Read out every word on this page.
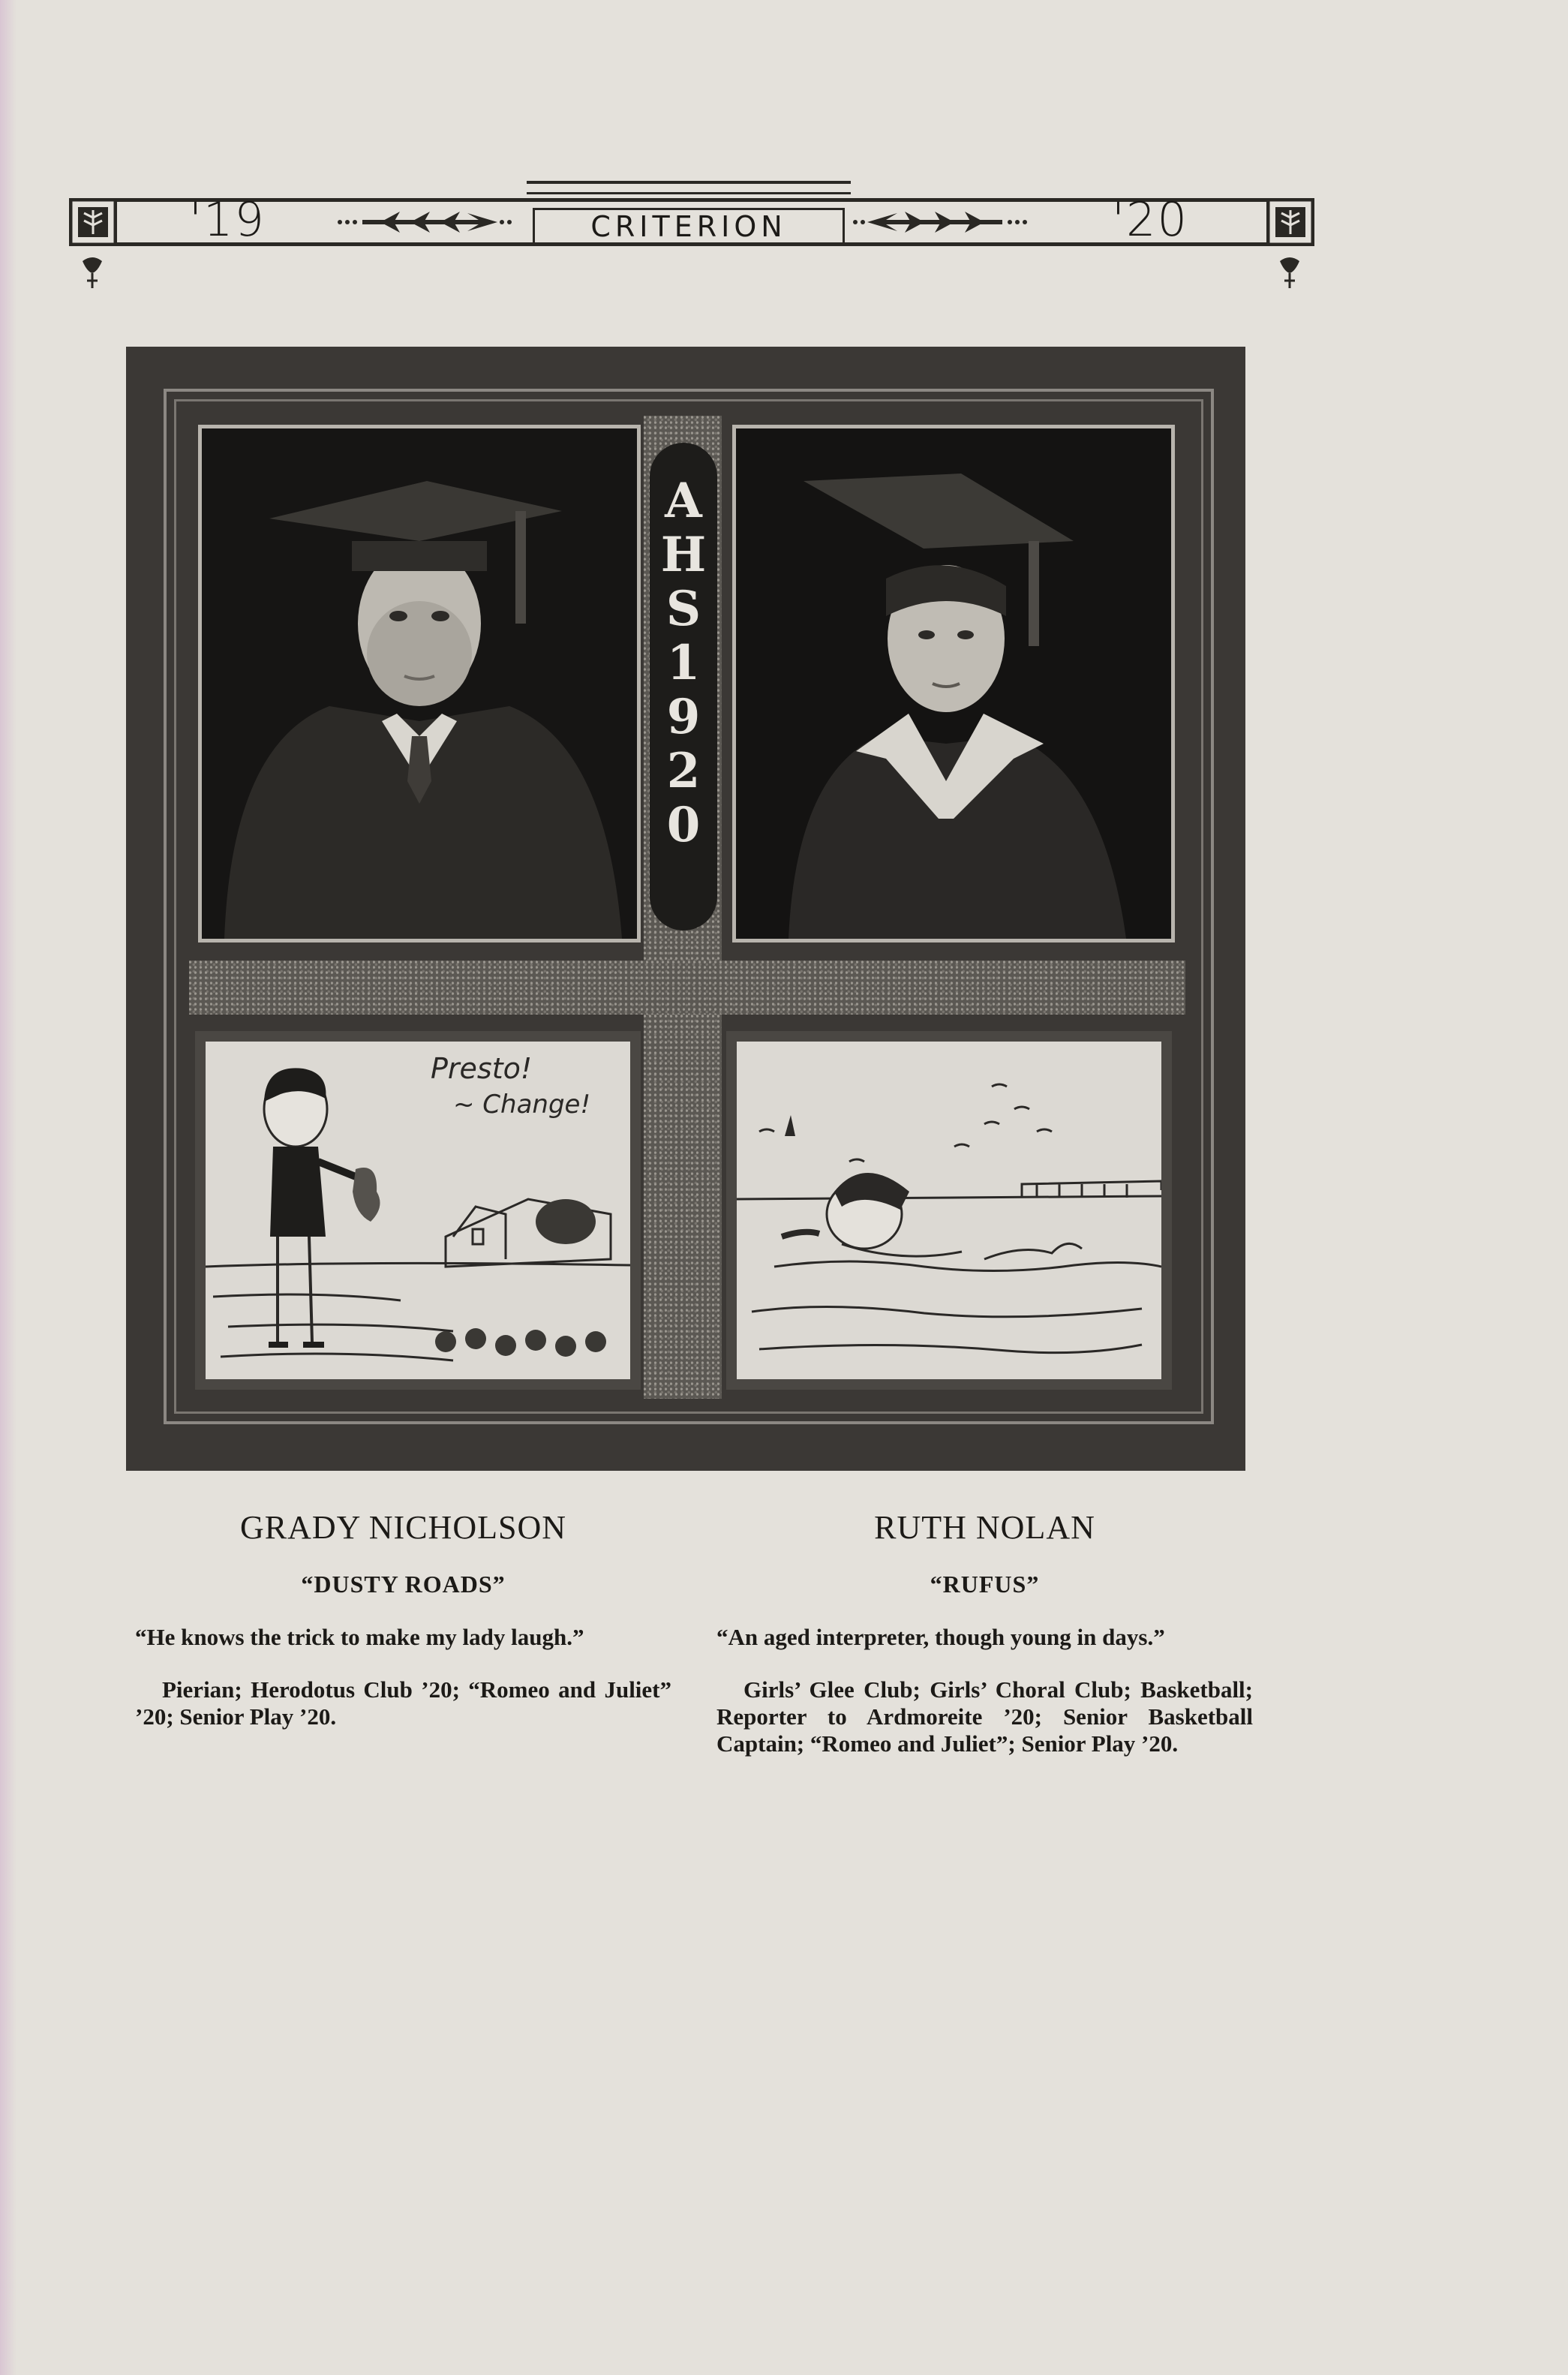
'19	'20
CRITERION
A
H
S
1
9
2
0
Presto!
~ Change!
GRADY NICHOLSON
“DUSTY ROADS”

“He knows the trick to make my lady laugh.”

Pierian; Herodotus Club ’20; “Romeo and Juliet” ’20; Senior Play ’20.

RUTH NOLAN
“RUFUS”

“An aged interpreter, though young in days.”

Girls’ Glee Club; Girls’ Choral Club; Basketball; Reporter to Ardmoreite ’20; Senior Basketball Captain; “Romeo and Juliet”; Senior Play ’20.
